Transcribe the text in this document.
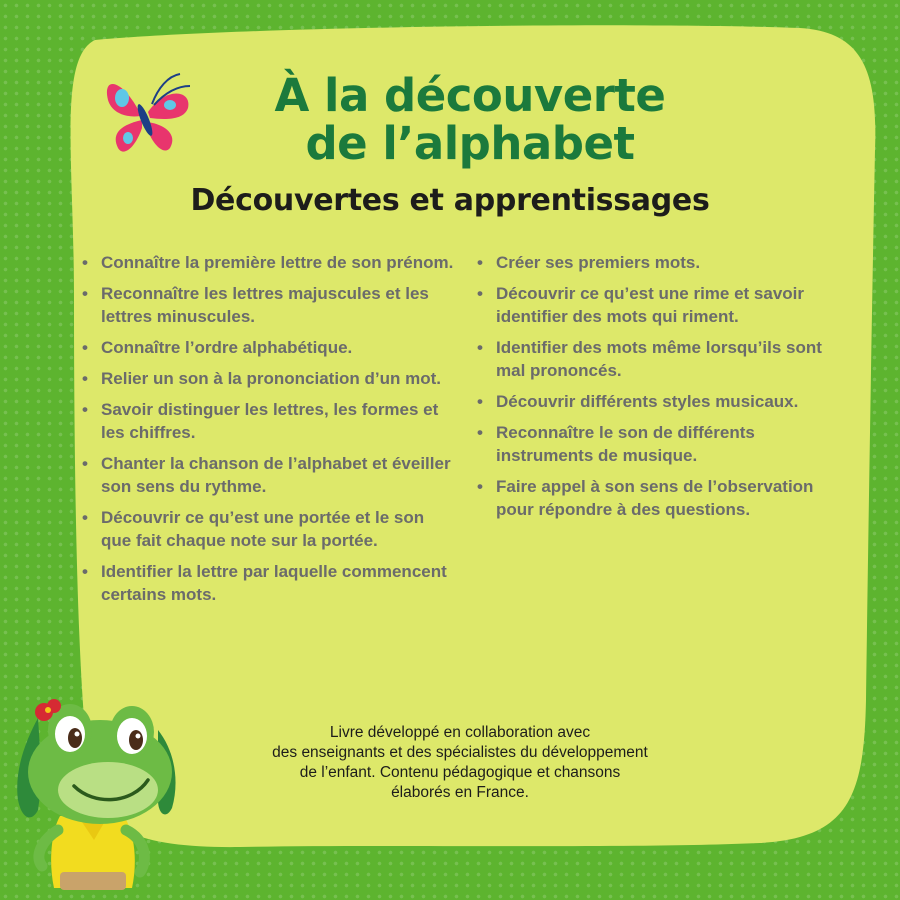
À la découverte
de l’alphabet
Découvertes et apprentissages
• Connaître la première lettre de son prénom.
• Reconnaître les lettres majuscules et les lettres minuscules.
• Connaître l’ordre alphabétique.
• Relier un son à la prononciation d’un mot.
• Savoir distinguer les lettres, les formes et les chiffres.
• Chanter la chanson de l’alphabet et éveiller son sens du rythme.
• Découvrir ce qu’est une portée et le son que fait chaque note sur la portée.
• Identifier la lettre par laquelle commencent certains mots.
• Créer ses premiers mots.
• Découvrir ce qu’est une rime et savoir identifier des mots qui riment.
• Identifier des mots même lorsqu’ils sont mal prononcés.
• Découvrir différents styles musicaux.
• Reconnaître le son de différents instruments de musique.
• Faire appel à son sens de l’observation pour répondre à des questions.

Livre développé en collaboration avec
des enseignants et des spécialistes du développement
de l’enfant. Contenu pédagogique et chansons
élaborés en France.
